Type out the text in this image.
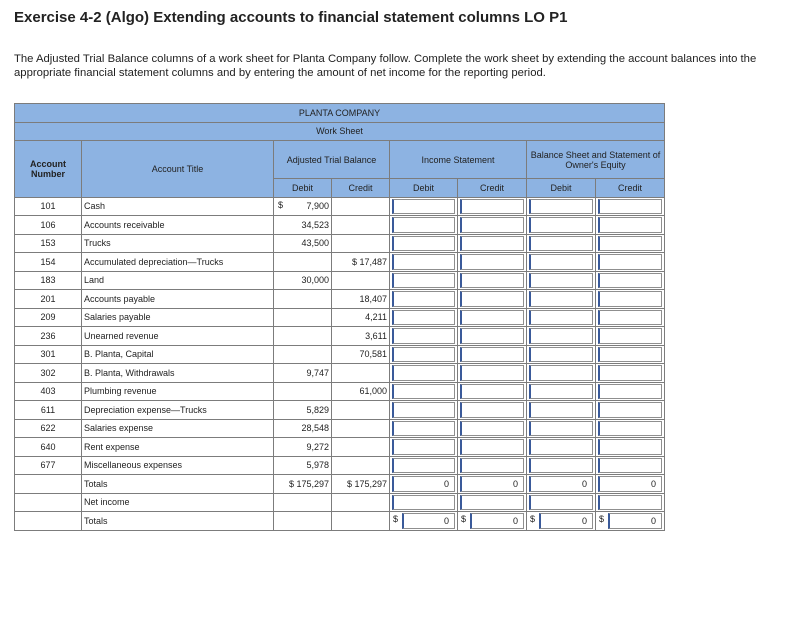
Exercise 4-2 (Algo) Extending accounts to financial statement columns LO P1
The Adjusted Trial Balance columns of a work sheet for Planta Company follow. Complete the work sheet by extending the account balances into the appropriate financial statement columns and by entering the amount of net income for the reporting period.
PLANTA COMPANY							
Work Sheet							
Account Number	Account Title	Adjusted Trial Balance		Income Statement		Balance Sheet and Statement of Owner's Equity	
		Debit	Credit	Debit	Credit	Debit	Credit
101	Cash	$ 7,900		

106	Accounts receivable	34,523		

153	Trucks	43,500		

154	Accumulated depreciation—Trucks		$ 17,487	

183	Land	30,000		

201	Accounts payable		18,407	

209	Salaries payable		4,211	

236	Unearned revenue		3,611	

301	B. Planta, Capital		70,581	

302	B. Planta, Withdrawals	9,747		

403	Plumbing revenue		61,000	

611	Depreciation expense—Trucks	5,829		

622	Salaries expense	28,548		

640	Rent expense	9,272		

677	Miscellaneous expenses	5,978		

	Totals	$ 175,297	$ 175,297	0	0	0	0

	Net income			

	Totals			$ 0	$ 0	$ 0	$ 0
